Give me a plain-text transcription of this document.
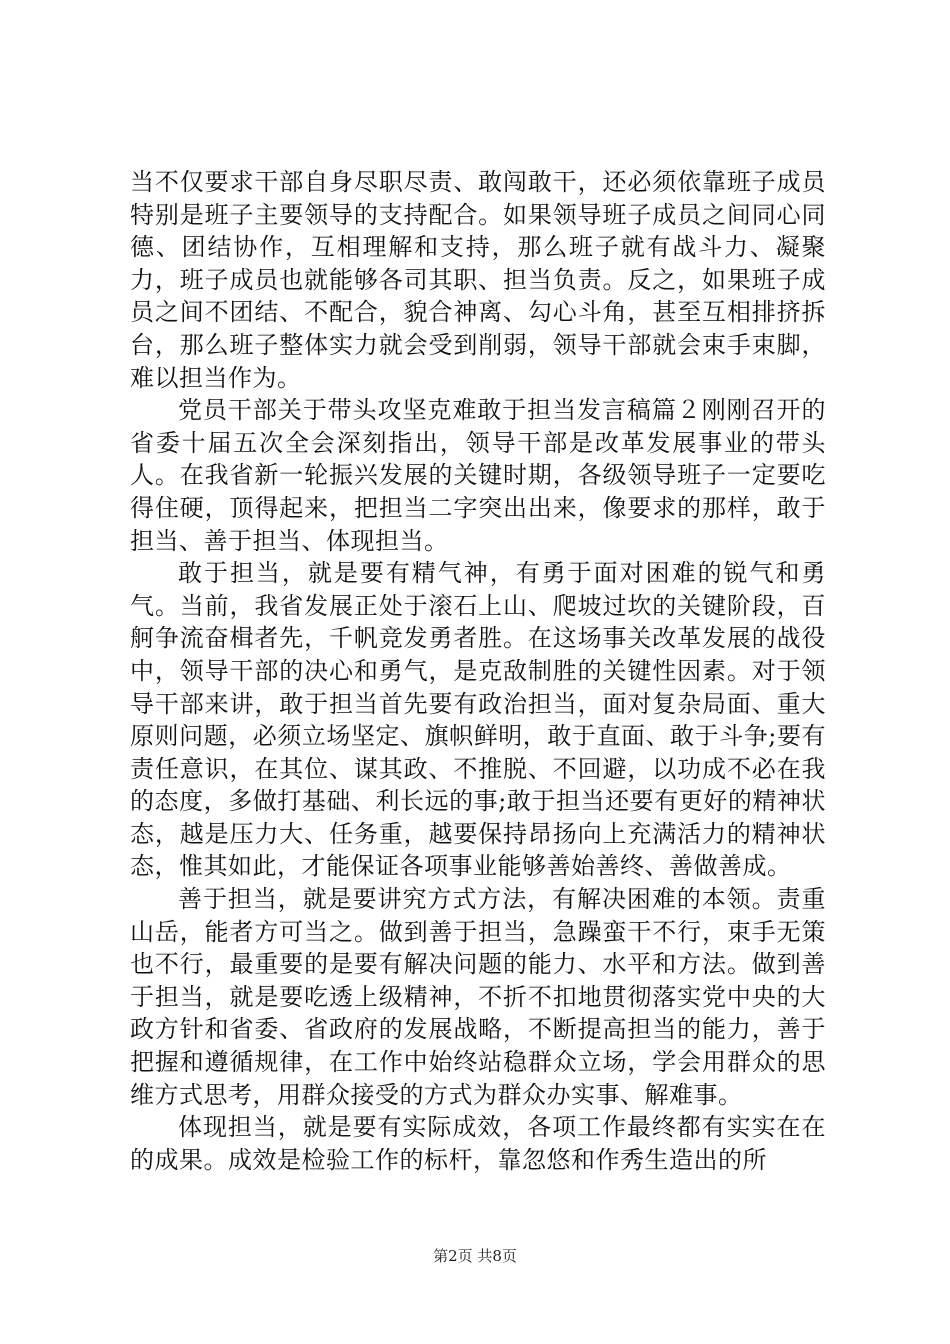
当不仅要求干部自身尽职尽责、敢闯敢干，还必须依靠班子成员特别是班子主要领导的支持配合。如果领导班子成员之间同心同德、团结协作，互相理解和支持，那么班子就有战斗力、凝聚力，班子成员也就能够各司其职、担当负责。反之，如果班子成员之间不团结、不配合，貌合神离、勾心斗角，甚至互相排挤拆台，那么班子整体实力就会受到削弱，领导干部就会束手束脚，难以担当作为。

党员干部关于带头攻坚克难敢于担当发言稿篇２刚刚召开的省委十届五次全会深刻指出，领导干部是改革发展事业的带头人。在我省新一轮振兴发展的关键时期，各级领导班子一定要吃得住硬，顶得起来，把担当二字突出出来，像要求的那样，敢于担当、善于担当、体现担当。

敢于担当，就是要有精气神，有勇于面对困难的锐气和勇气。当前，我省发展正处于滚石上山、爬坡过坎的关键阶段，百舸争流奋楫者先，千帆竞发勇者胜。在这场事关改革发展的战役中，领导干部的决心和勇气，是克敌制胜的关键性因素。对于领导干部来讲，敢于担当首先要有政治担当，面对复杂局面、重大原则问题，必须立场坚定、旗帜鲜明，敢于直面、敢于斗争;要有责任意识，在其位、谋其政、不推脱、不回避，以功成不必在我的态度，多做打基础、利长远的事;敢于担当还要有更好的精神状态，越是压力大、任务重，越要保持昂扬向上充满活力的精神状态，惟其如此，才能保证各项事业能够善始善终、善做善成。

善于担当，就是要讲究方式方法，有解决困难的本领。责重山岳，能者方可当之。做到善于担当，急躁蛮干不行，束手无策也不行，最重要的是要有解决问题的能力、水平和方法。做到善于担当，就是要吃透上级精神，不折不扣地贯彻落实党中央的大政方针和省委、省政府的发展战略，不断提高担当的能力，善于把握和遵循规律，在工作中始终站稳群众立场，学会用群众的思维方式思考，用群众接受的方式为群众办实事、解难事。

体现担当，就是要有实际成效，各项工作最终都有实实在在的成果。成效是检验工作的标杆，靠忽悠和作秀生造出的所

第2页 共8页
